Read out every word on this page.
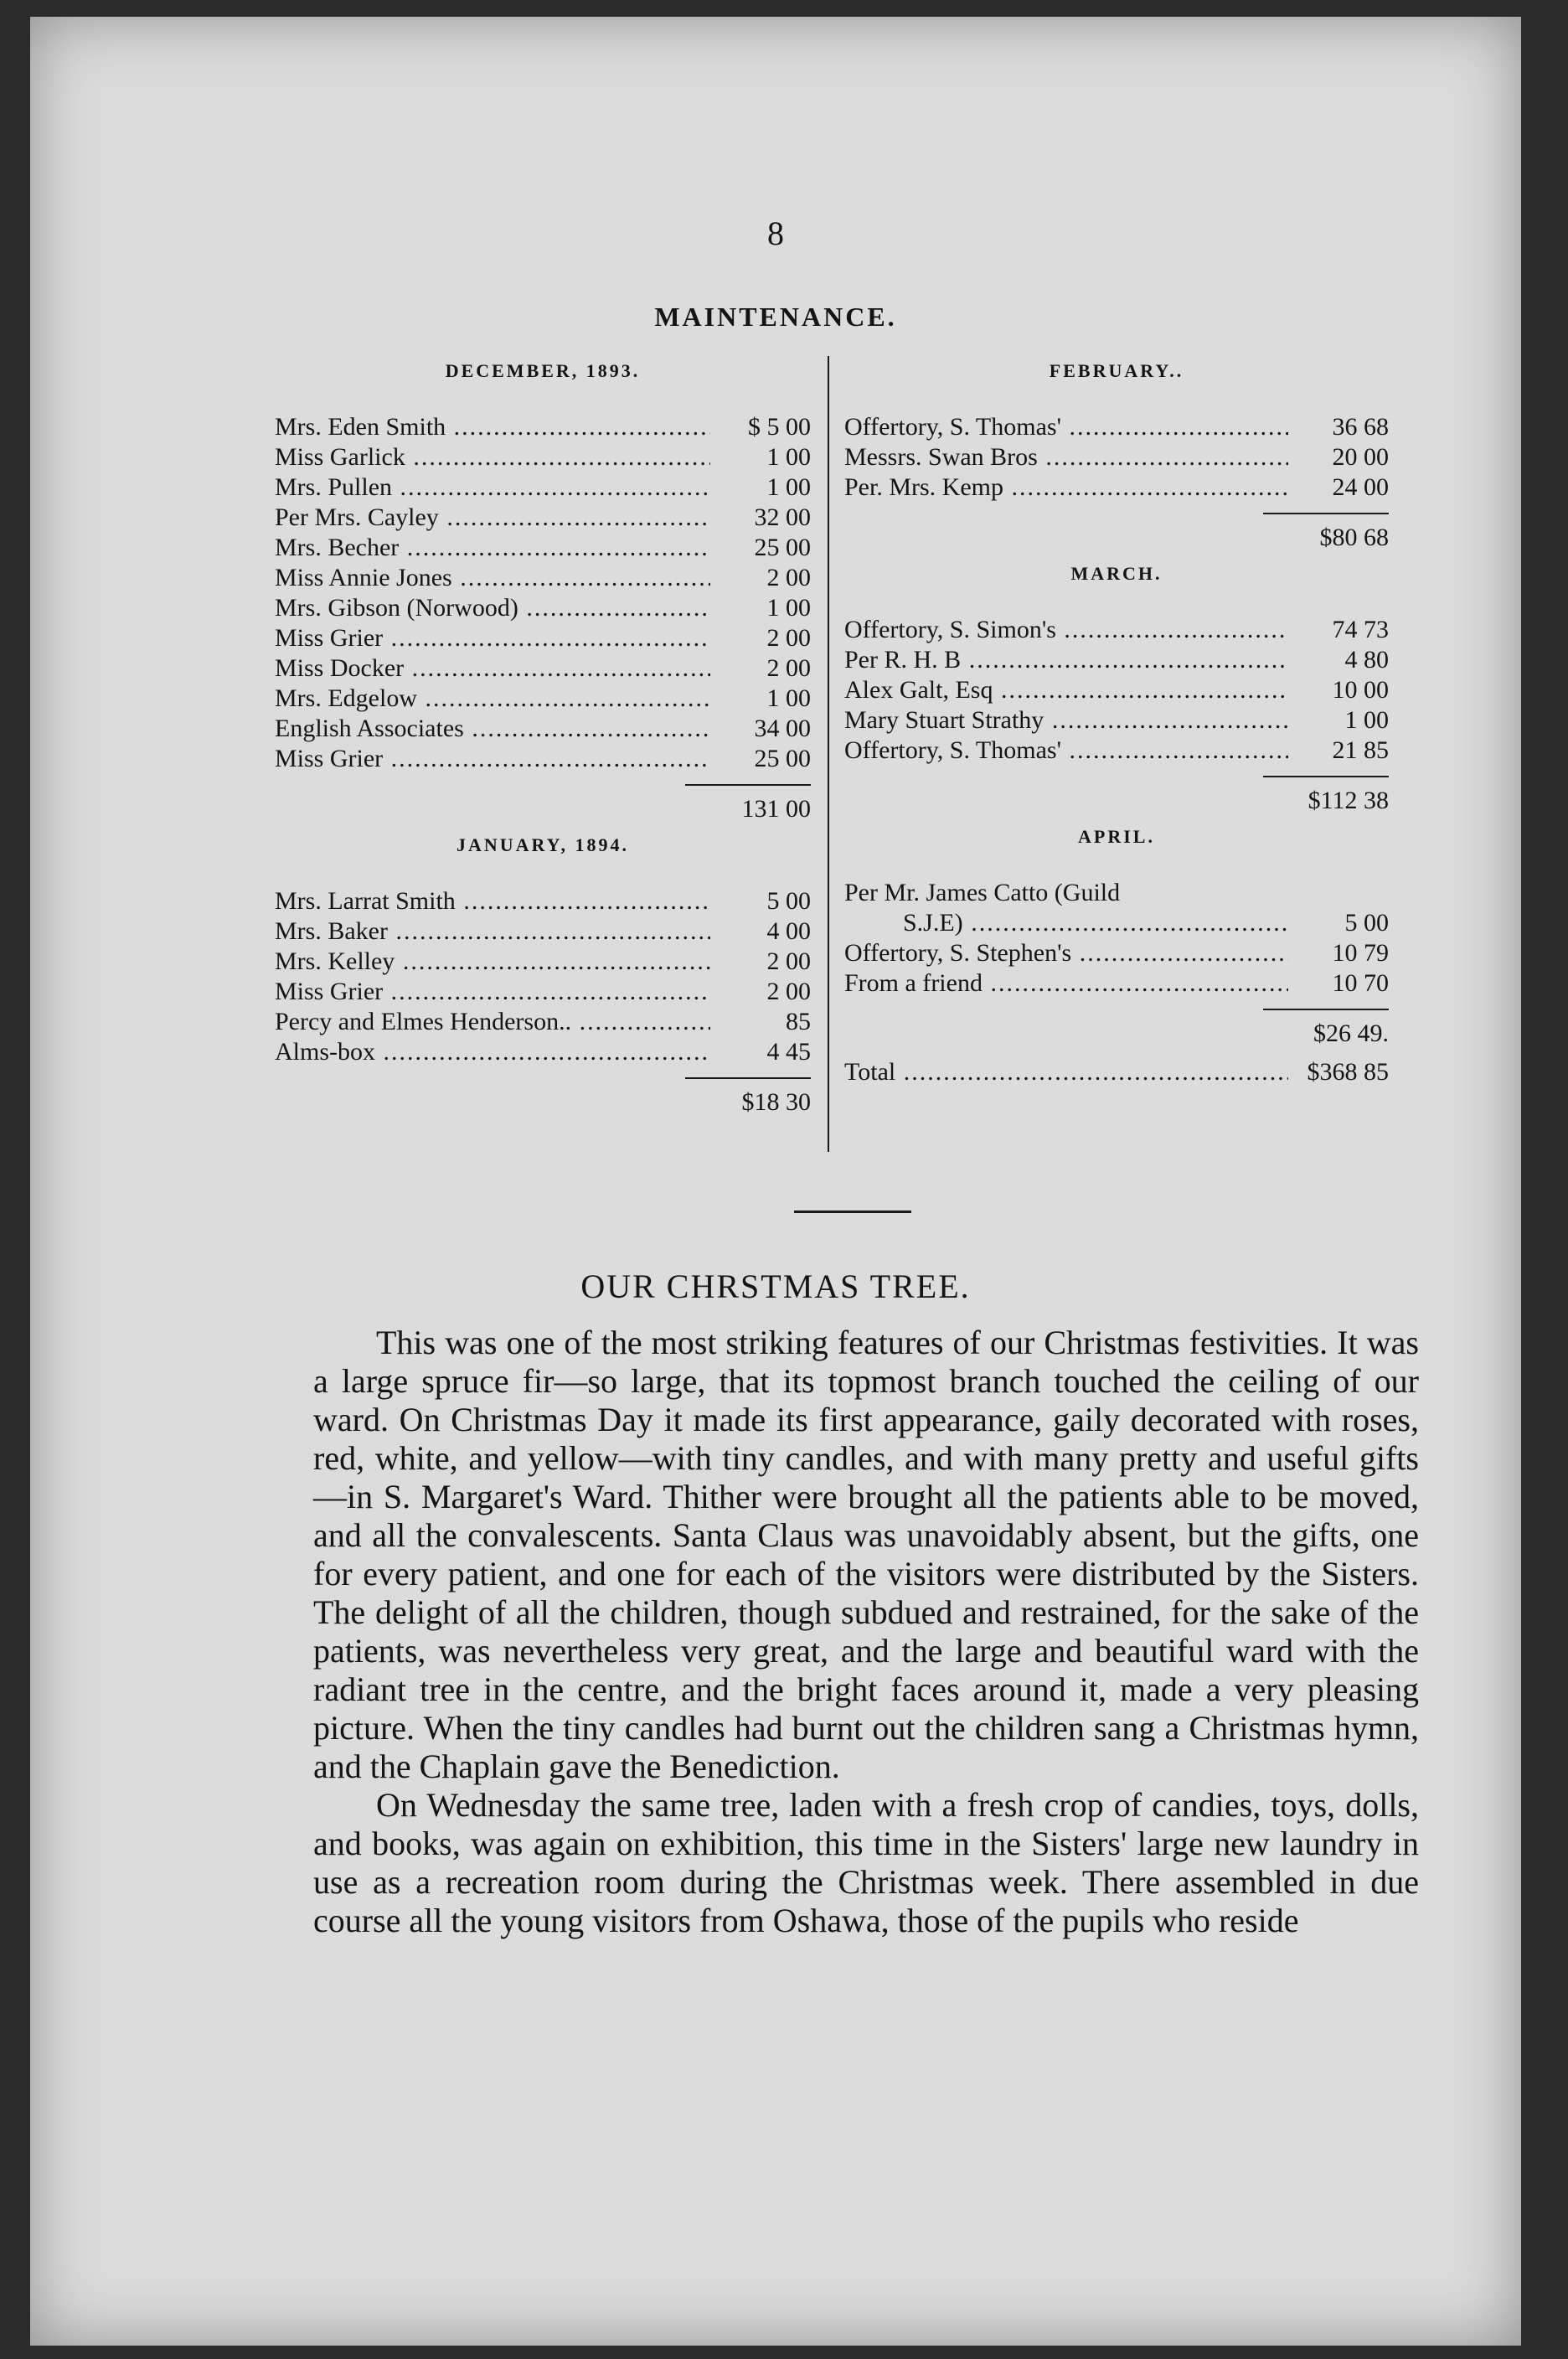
8
MAINTENANCE.
DECEMBER, 1893.
Mrs. Eden Smith .....	$ 5 00
Miss Garlick .....	1 00
Mrs. Pullen .....	1 00
Per Mrs. Cayley .....	32 00
Mrs. Becher .....	25 00
Miss Annie Jones .....	2 00
Mrs. Gibson (Norwood) .....	1 00
Miss Grier .....	2 00
Miss Docker .....	2 00
Mrs. Edgelow .....	1 00
English Associates .....	34 00
Miss Grier .....	25 00
131 00
JANUARY, 1894.
Mrs. Larrat Smith .....	5 00
Mrs. Baker .....	4 00
Mrs. Kelley .....	2 00
Miss Grier .....	2 00
Percy and Elmes Henderson.. .....	85
Alms-box .....	4 45
$18 30
FEBRUARY..
Offertory, S. Thomas' .....	36 68
Messrs. Swan Bros .....	20 00
Per. Mrs. Kemp .....	24 00
$80 68
MARCH.
Offertory, S. Simon's .....	74 73
Per R. H. B .....	4 80
Alex Galt, Esq .....	10 00
Mary Stuart Strathy .....	1 00
Offertory, S. Thomas' .....	21 85
$112 38
APRIL.
Per Mr. James Catto (Guild
S.J.E) .....	5 00
Offertory, S. Stephen's .....	10 79
From a friend .....	10 70
$26 49.
Total .....	$368 85
OUR CHRSTMAS TREE.

This was one of the most striking features of our Christmas festivities. It was a large spruce fir—so large, that its topmost branch touched the ceiling of our ward. On Christmas Day it made its first appearance, gaily decorated with roses, red, white, and yellow—with tiny candles, and with many pretty and useful gifts—in S. Margaret's Ward. Thither were brought all the patients able to be moved, and all the convalescents. Santa Claus was unavoidably absent, but the gifts, one for every patient, and one for each of the visitors were distributed by the Sisters. The delight of all the children, though subdued and restrained, for the sake of the patients, was nevertheless very great, and the large and beautiful ward with the radiant tree in the centre, and the bright faces around it, made a very pleasing picture. When the tiny candles had burnt out the children sang a Christmas hymn, and the Chaplain gave the Benediction.

On Wednesday the same tree, laden with a fresh crop of candies, toys, dolls, and books, was again on exhibition, this time in the Sisters' large new laundry in use as a recreation room during the Christmas week. There assembled in due course all the young visitors from Oshawa, those of the pupils who reside
